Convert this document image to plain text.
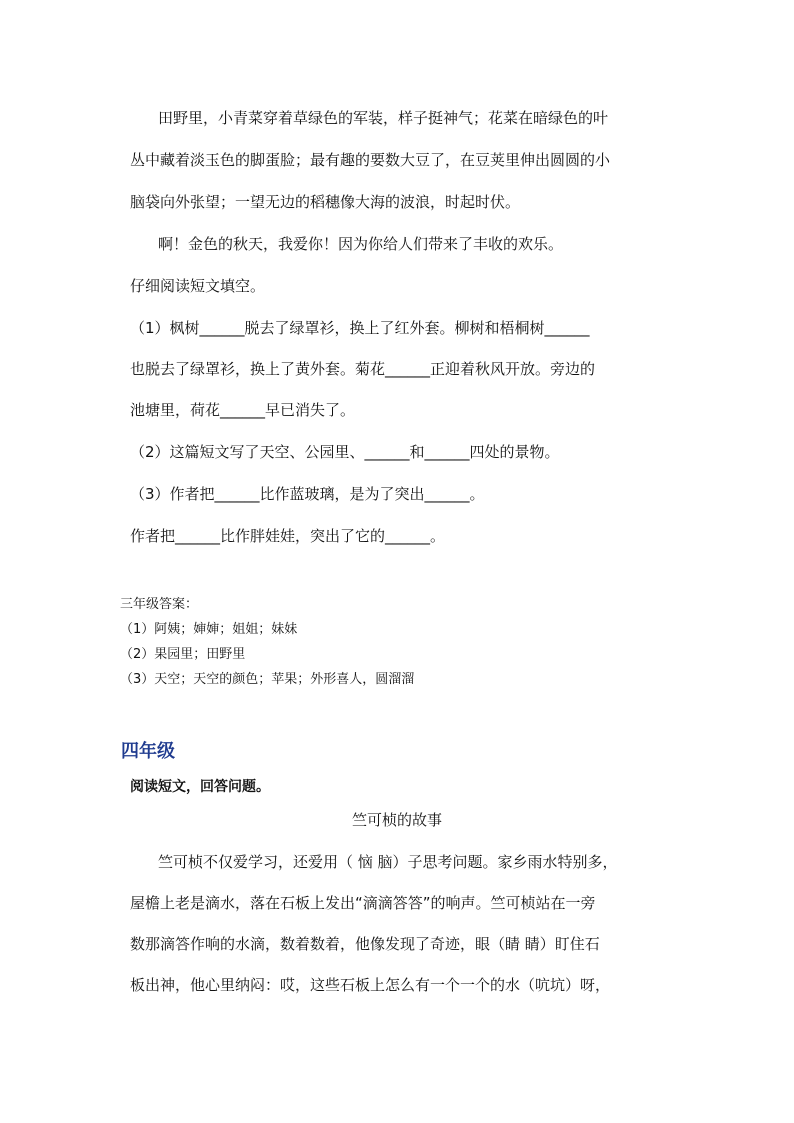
田野里，小青菜穿着草绿色的军装，样子挺神气；花菜在暗绿色的叶
丛中藏着淡玉色的脚蛋脸；最有趣的要数大豆了，在豆荚里伸出圆圆的小
脑袋向外张望；一望无边的稻穗像大海的波浪，时起时伏。
啊！金色的秋天，我爱你！因为你给人们带来了丰收的欢乐。
仔细阅读短文填空。
（1）枫树______脱去了绿罩衫，换上了红外套。柳树和梧桐树______
也脱去了绿罩衫，换上了黄外套。菊花______正迎着秋风开放。旁边的
池塘里，荷花______早已消失了。
（2）这篇短文写了天空、公园里、______和______四处的景物。
（3）作者把______比作蓝玻璃，是为了突出______。
作者把______比作胖娃娃，突出了它的______。
三年级答案：
（1）阿姨；婶婶；姐姐；妹妹
（2）果园里；田野里
（3）天空；天空的颜色；苹果；外形喜人，圆溜溜
四年级
阅读短文，回答问题。
竺可桢的故事
竺可桢不仅爱学习，还爱用（ 恼 脑）子思考问题。家乡雨水特别多，
屋檐上老是滴水，落在石板上发出“滴滴答答”的响声。竺可桢站在一旁
数那滴答作响的水滴，数着数着，他像发现了奇迹，眼（睛 睛）盯住石
板出神，他心里纳闷：哎，这些石板上怎么有一个一个的水（吭坑）呀，
